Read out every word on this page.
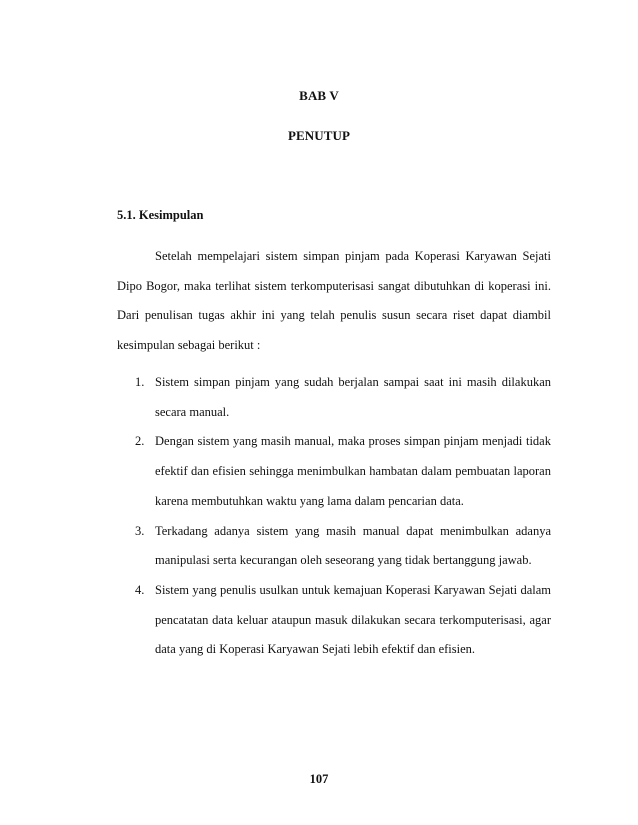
BAB V
PENUTUP
5.1. Kesimpulan

Setelah mempelajari sistem simpan pinjam pada Koperasi Karyawan Sejati Dipo Bogor, maka terlihat sistem terkomputerisasi sangat dibutuhkan di koperasi ini. Dari penulisan tugas akhir ini yang telah penulis susun secara riset dapat diambil kesimpulan sebagai berikut :

1. Sistem simpan pinjam yang sudah berjalan sampai saat ini masih dilakukan secara manual.
2. Dengan sistem yang masih manual, maka proses simpan pinjam menjadi tidak efektif dan efisien sehingga menimbulkan hambatan dalam pembuatan laporan karena membutuhkan waktu yang lama dalam pencarian data.
3. Terkadang adanya sistem yang masih manual dapat menimbulkan adanya manipulasi serta kecurangan oleh seseorang yang tidak bertanggung jawab.
4. Sistem yang penulis usulkan untuk kemajuan Koperasi Karyawan Sejati dalam pencatatan data keluar ataupun masuk dilakukan secara terkomputerisasi, agar data yang di Koperasi Karyawan Sejati lebih efektif dan efisien.
107
